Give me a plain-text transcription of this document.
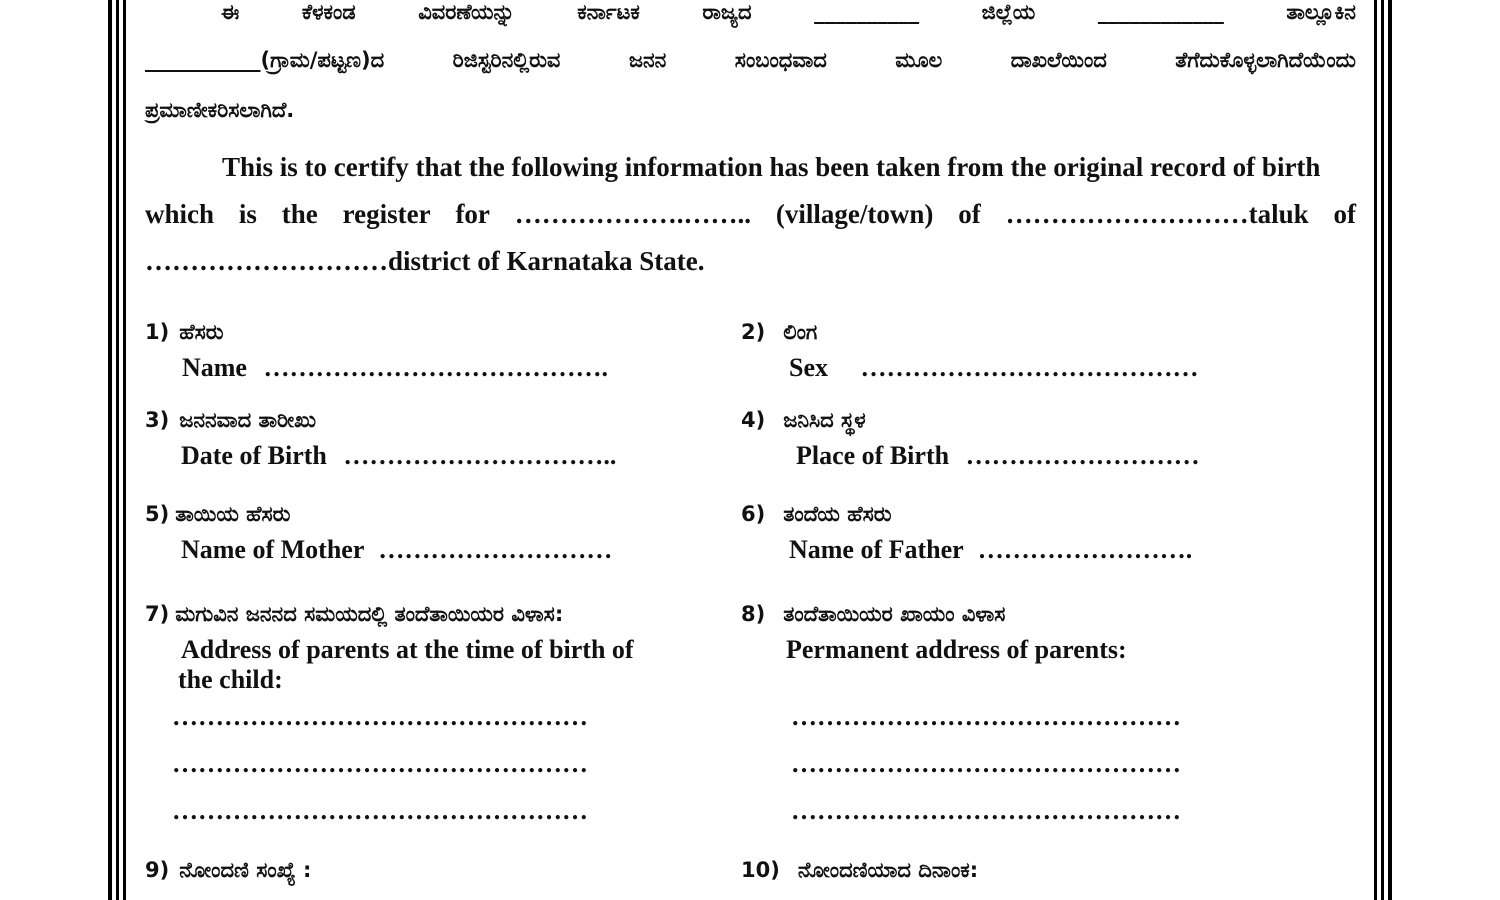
ಈ	ಕೆಳಕಂಡ	ವಿವರಣೆಯನ್ನು	ಕರ್ನಾಟಕ	ರಾಜ್ಯದ	__________	ಜಿಲ್ಲೆಯ	____________	ತಾಲ್ಲೂಕಿನ
___________(ಗ್ರಾಮ/ಪಟ್ಟಣ)ದ	ರಿಜಿಸ್ಟರಿನಲ್ಲಿರುವ	ಜನನ	ಸಂಬಂಧವಾದ	ಮೂಲ	ದಾಖಲೆಯಿಂದ	ತೆಗೆದುಕೊಳ್ಳಲಾಗಿದೆಯೆಂದು
ಪ್ರಮಾಣೀಕರಿಸಲಾಗಿದೆ.
This is to certify that the following information has been taken from the original record of birth
which is the register for ……………….…….. (village/town) of ………………………taluk of
………………………district of Karnataka State.
1) ಹೆಸರು
Name ………………………………….
2) ಲಿಂಗ
Sex …………………………………
3) ಜನನವಾದ ತಾರೀಖು
Date of Birth …………………………..
4) ಜನಿಸಿದ ಸ್ಥಳ
Place of Birth ………………………
5) ತಾಯಿಯ ಹೆಸರು
Name of Mother ………………………
6) ತಂದೆಯ ಹೆಸರು
Name of Father …………………….
7) ಮಗುವಿನ ಜನನದ ಸಮಯದಲ್ಲಿ ತಂದೆತಾಯಿಯರ ವಿಳಾಸ:
Address of parents at the time of birth of
the child:
…………………………………………
…………………………………………
…………………………………………
8) ತಂದೆತಾಯಿಯರ ಖಾಯಂ ವಿಳಾಸ
Permanent address of parents:
………………………………………
………………………………………
………………………………………
9) ನೋಂದಣಿ ಸಂಖ್ಯೆ :	10) ನೋಂದಣಿಯಾದ ದಿನಾಂಕ:
